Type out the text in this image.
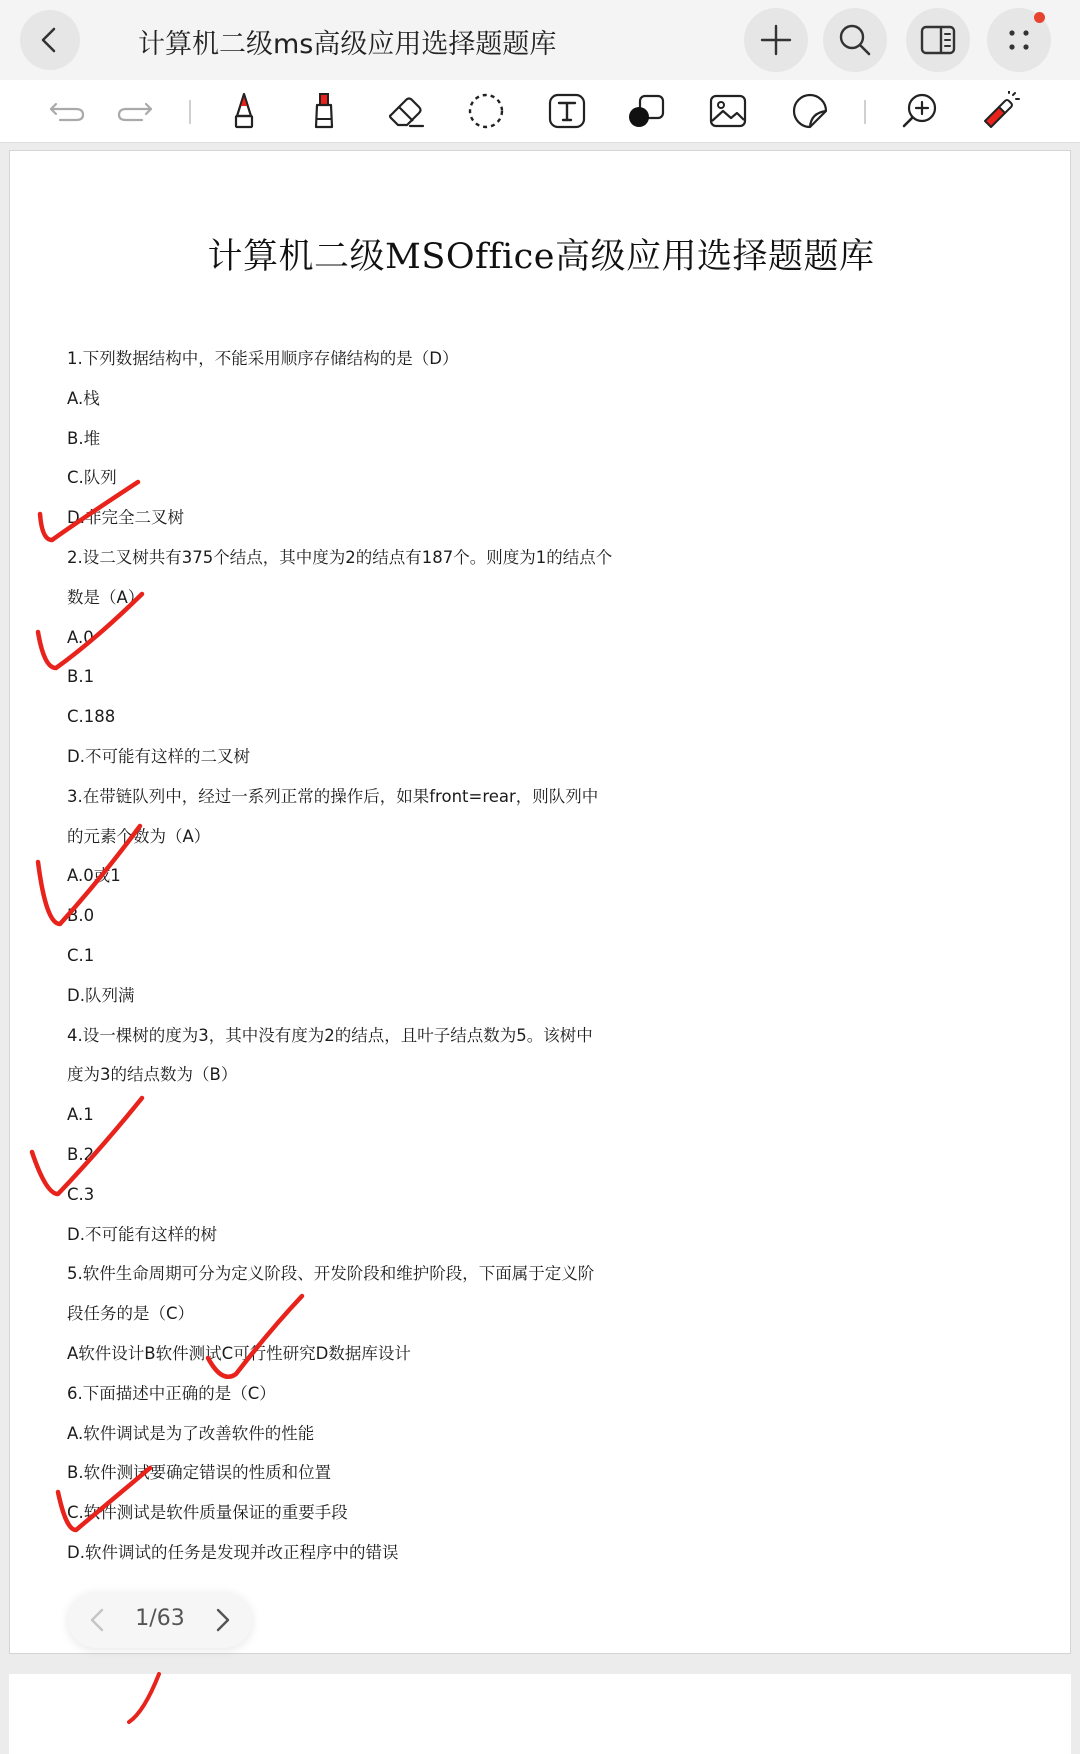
计算机二级ms高级应用选择题题库
计算机二级MSOffice高级应用选择题题库
1.下列数据结构中，不能采用顺序存储结构的是（D）
A.栈
B.堆
C.队列
D.非完全二叉树
2.设二叉树共有375个结点，其中度为2的结点有187个。则度为1的结点个
数是（A）
A.0
B.1
C.188
D.不可能有这样的二叉树
3.在带链队列中，经过一系列正常的操作后，如果front=rear，则队列中
的元素个数为（A）
A.0或1
B.0
C.1
D.队列满
4.设一棵树的度为3，其中没有度为2的结点，且叶子结点数为5。该树中
度为3的结点数为（B）
A.1
B.2
C.3
D.不可能有这样的树
5.软件生命周期可分为定义阶段、开发阶段和维护阶段，下面属于定义阶
段任务的是（C）
A软件设计B软件测试C可行性研究D数据库设计
6.下面描述中正确的是（C）
A.软件调试是为了改善软件的性能
B.软件测试要确定错误的性质和位置
C.软件测试是软件质量保证的重要手段
D.软件调试的任务是发现并改正程序中的错误
1/63
